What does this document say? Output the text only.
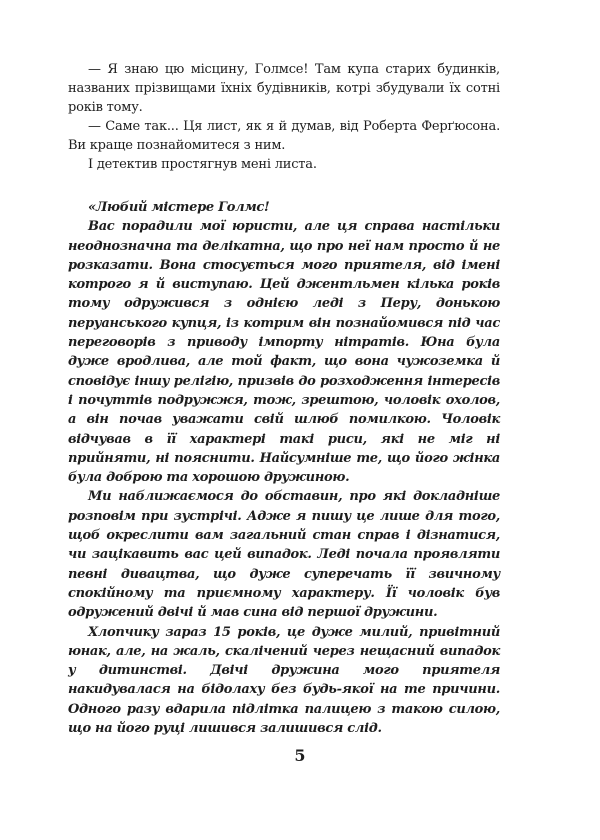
— Я знаю цю місцину, Голмсе! Там купа старих будинків, названих прізвищами їхніх будівників, котрі збудували їх сотні років тому.

— Саме так... Ця лист, як я й думав, від Роберта Ферґюсона. Ви краще познайомитеся з ним.

І детектив простягнув мені листа.

«Любий містере Голмс!

Вас порадили мої юристи, але ця справа настільки неоднозначна та делікатна, що про неї нам просто й не розказати. Вона стосується мого приятеля, від імені котрого я й виступаю. Цей джентльмен кілька років тому одружився з однією леді з Перу, донькою перуанського купця, із котрим він познайомився під час переговорів з приводу імпорту нітратів. Юна була дуже вродлива, але той факт, що вона чужоземка й сповідує іншу релігію, призвів до розходження інтересів і почуттів подружжя, тож, зрештою, чоловік охолов, а він почав уважати свій шлюб помилкою. Чоловік відчував в її характері такі риси, які не міг ні прийняти, ні пояснити. Найсумніше те, що його жінка була доброю та хорошою дружиною.

Ми наближаємося до обставин, про які докладніше розповім при зустрічі. Адже я пишу це лише для того, щоб окреслити вам загальний стан справ і дізнатися, чи зацікавить вас цей випадок. Леді почала проявляти певні дивацтва, що дуже суперечать її звичному спокійному та приємному характеру. Її чоловік був одружений двічі й мав сина від першої дружини.

Хлопчику зараз 15 років, це дуже милий, привітний юнак, але, на жаль, скалічений через нещасний випадок у дитинстві. Двічі дружина мого приятеля накидувалася на бідолаху без будь-якої на те причини. Одного разу вдарила підлітка палицею з такою силою, що на його руці лишився залишився слід.

5
